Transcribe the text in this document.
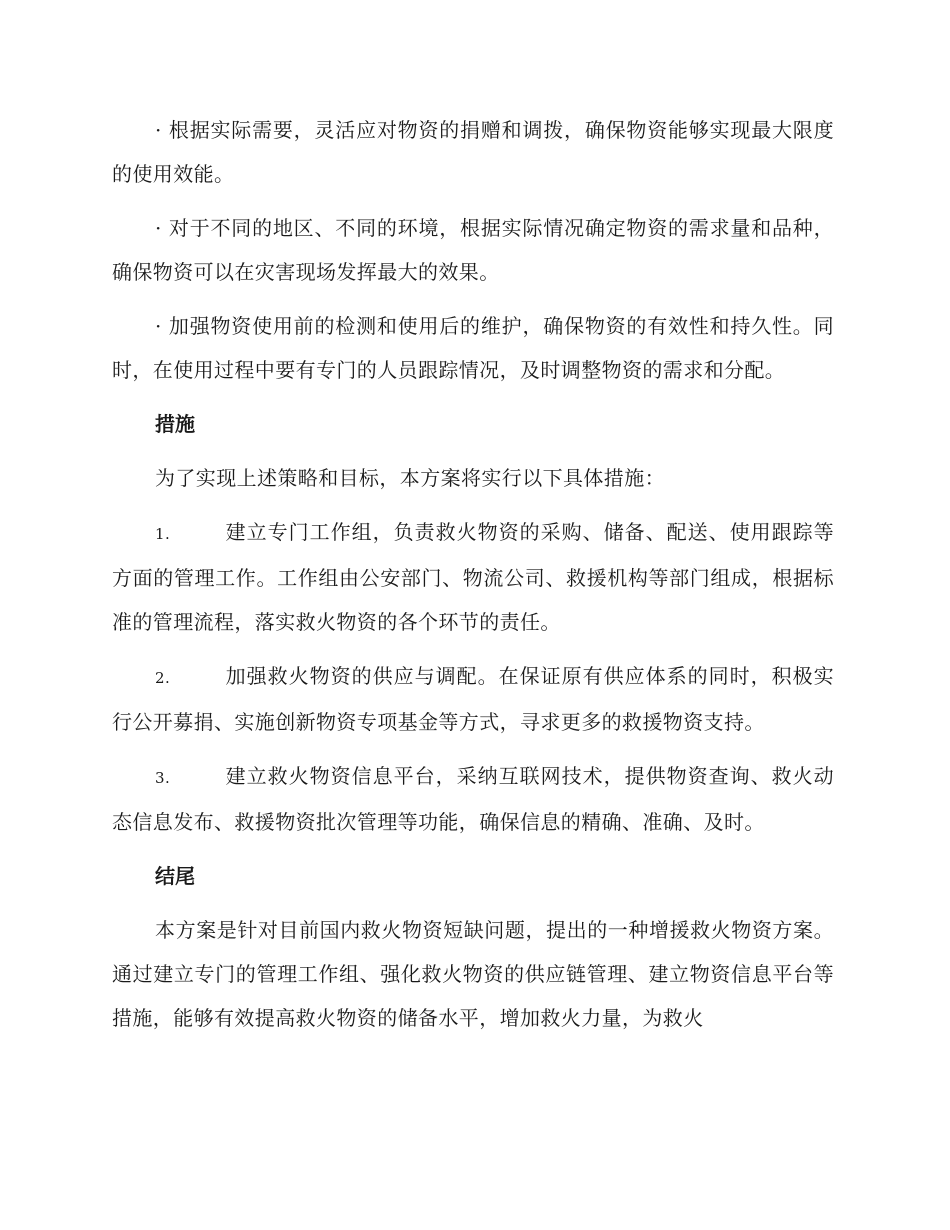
· 根据实际需要，灵活应对物资的捐赠和调拨，确保物资能够实现最大限度的使用效能。

· 对于不同的地区、不同的环境，根据实际情况确定物资的需求量和品种，确保物资可以在灾害现场发挥最大的效果。

· 加强物资使用前的检测和使用后的维护，确保物资的有效性和持久性。同时，在使用过程中要有专门的人员跟踪情况，及时调整物资的需求和分配。

措施

为了实现上述策略和目标，本方案将实行以下具体措施：

1.	建立专门工作组，负责救火物资的采购、储备、配送、使用跟踪等方面的管理工作。工作组由公安部门、物流公司、救援机构等部门组成，根据标准的管理流程，落实救火物资的各个环节的责任。

2.	加强救火物资的供应与调配。在保证原有供应体系的同时，积极实行公开募捐、实施创新物资专项基金等方式，寻求更多的救援物资支持。

3.	建立救火物资信息平台，采纳互联网技术，提供物资查询、救火动态信息发布、救援物资批次管理等功能，确保信息的精确、准确、及时。

结尾

本方案是针对目前国内救火物资短缺问题，提出的一种增援救火物资方案。通过建立专门的管理工作组、强化救火物资的供应链管理、建立物资信息平台等措施，能够有效提高救火物资的储备水平，增加救火力量，为救火
